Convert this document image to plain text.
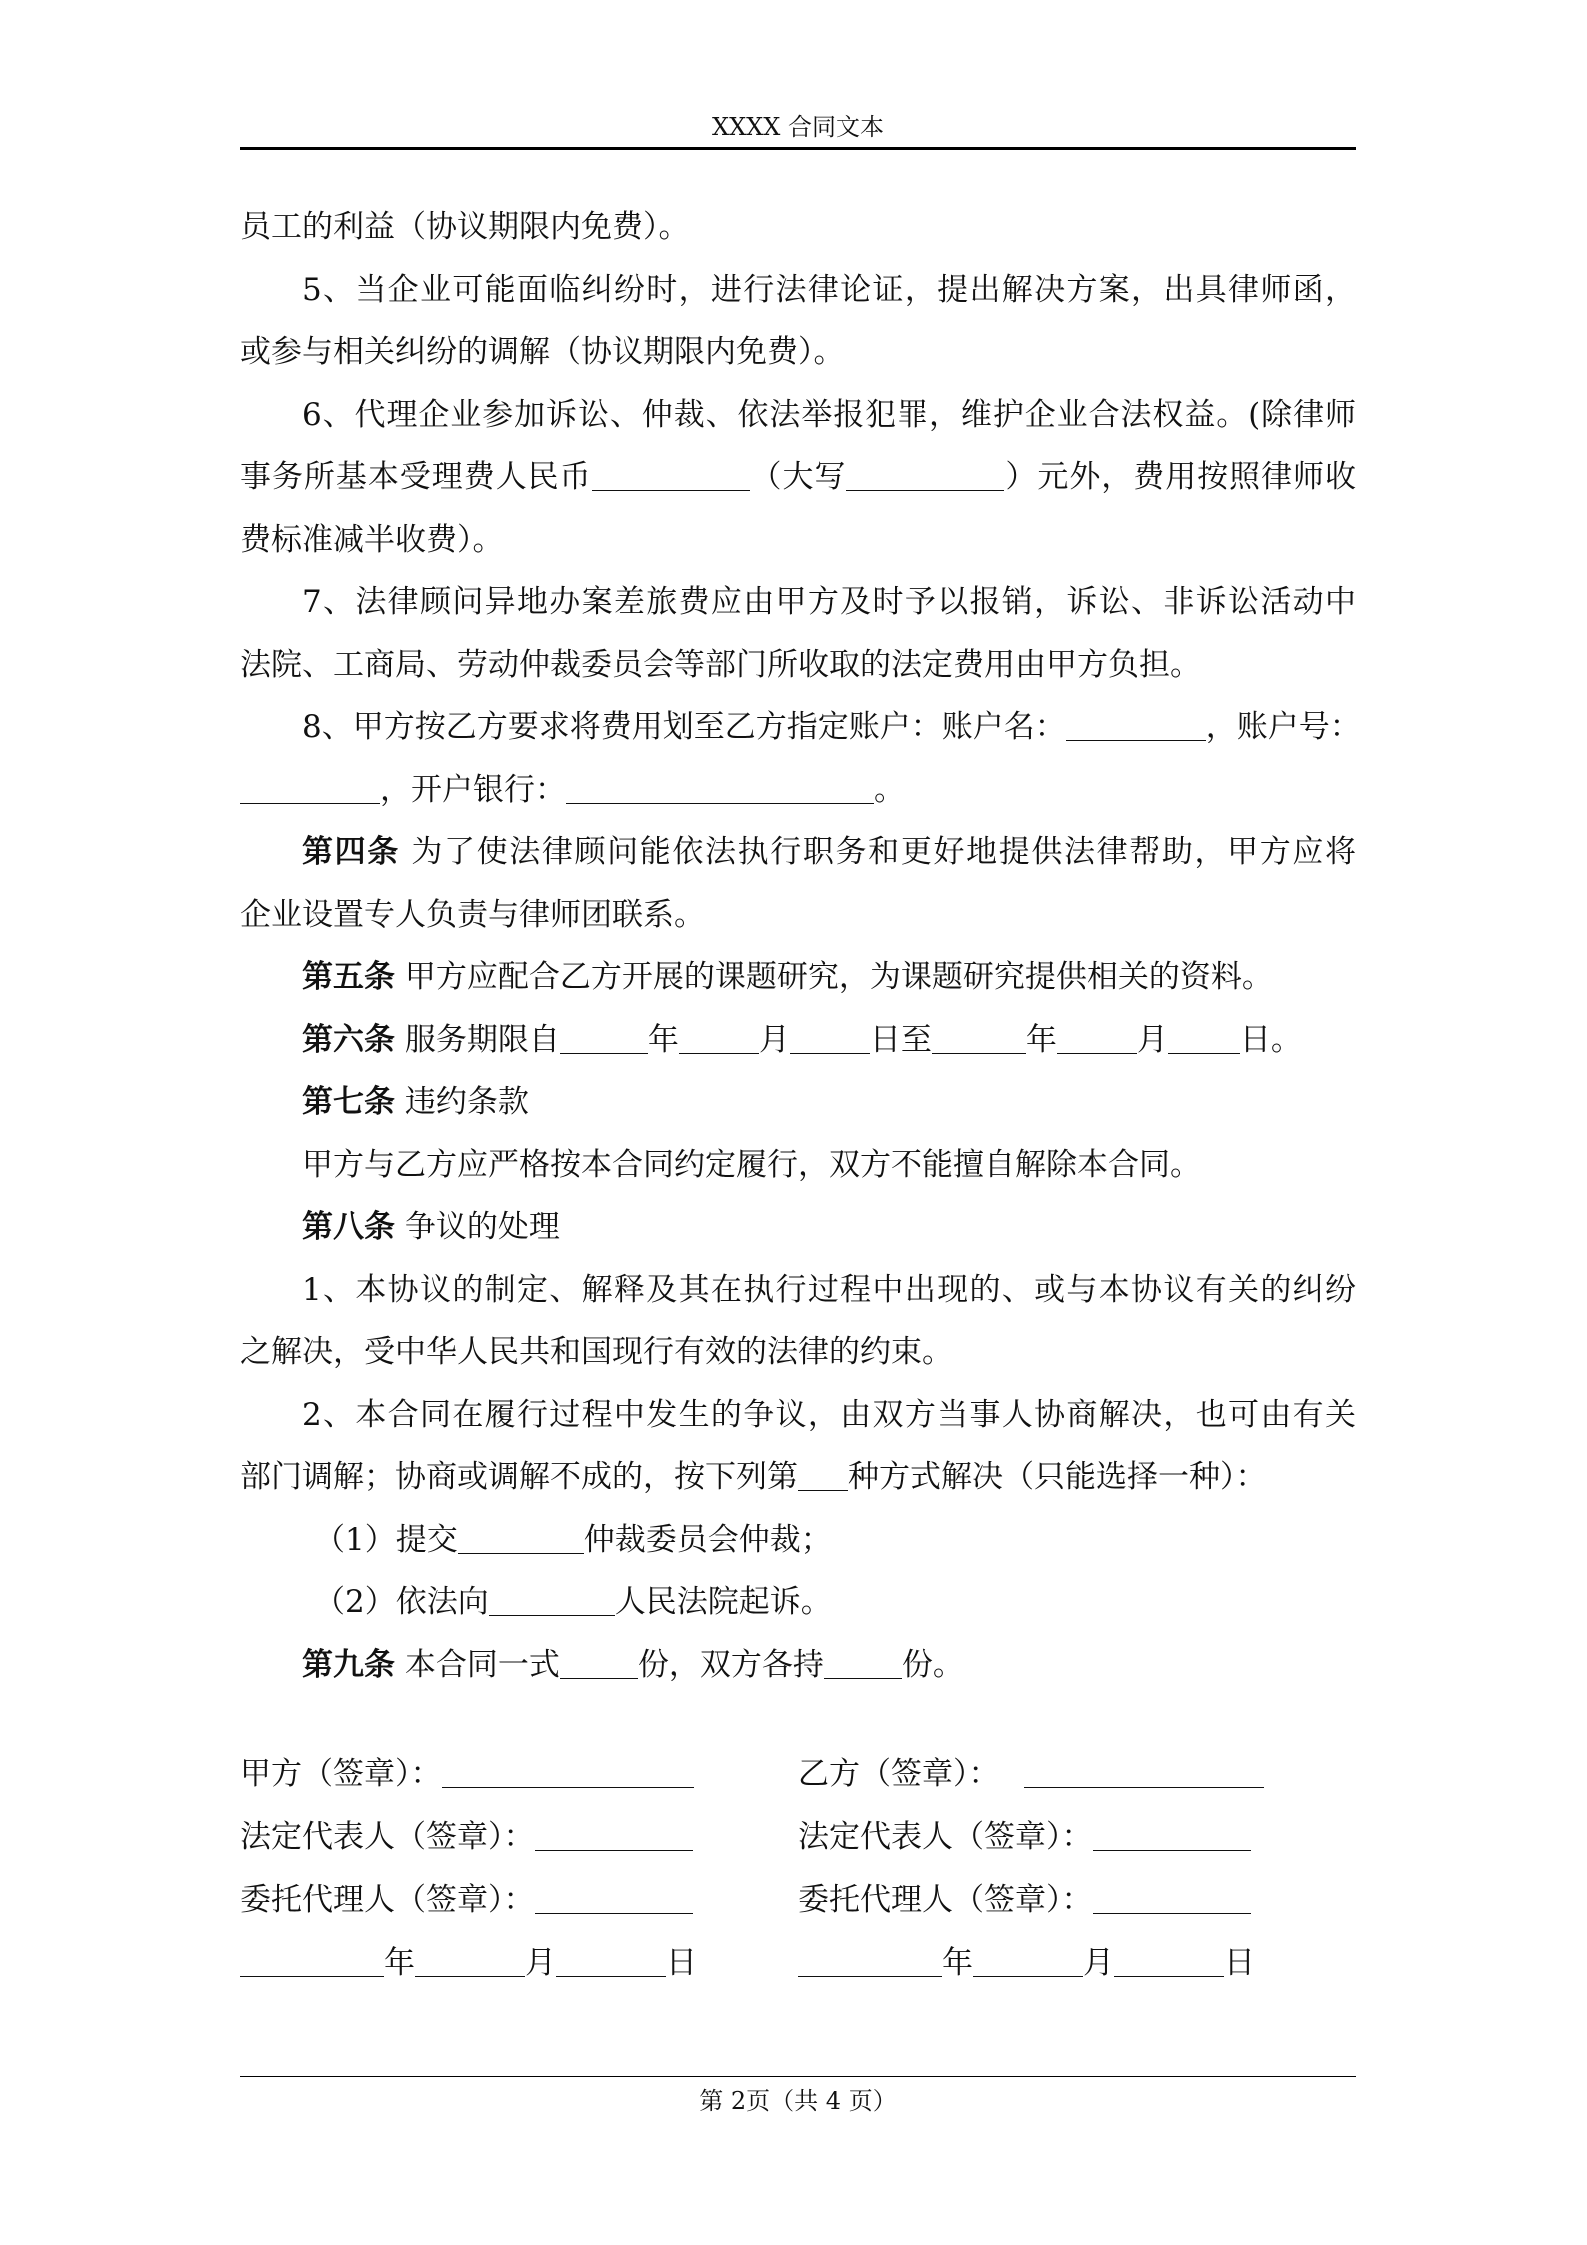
XXXX 合同文本
员工的利益（协议期限内免费）。
5、当企业可能面临纠纷时，进行法律论证，提出解决方案，出具律师函，
或参与相关纠纷的调解（协议期限内免费）。
6、代理企业参加诉讼、仲裁、依法举报犯罪，维护企业合法权益。(除律师
事务所基本受理费人民币	（大写	）元外，费用按照律师收
费标准减半收费）。
7、法律顾问异地办案差旅费应由甲方及时予以报销，诉讼、非诉讼活动中
法院、工商局、劳动仲裁委员会等部门所收取的法定费用由甲方负担。
8、甲方按乙方要求将费用划至乙方指定账户：账户名：	，账户号：
，开户银行：	。
第四条 为了使法律顾问能依法执行职务和更好地提供法律帮助，甲方应将
企业设置专人负责与律师团联系。
第五条 甲方应配合乙方开展的课题研究，为课题研究提供相关的资料。
第六条 服务期限自	年	月	日至	年	月 日。
第七条 违约条款
甲方与乙方应严格按本合同约定履行，双方不能擅自解除本合同。
第八条 争议的处理
1、本协议的制定、解释及其在执行过程中出现的、或与本协议有关的纠纷
之解决，受中华人民共和国现行有效的法律的约束。
2、本合同在履行过程中发生的争议，由双方当事人协商解决，也可由有关
部门调解；协商或调解不成的，按下列第 种方式解决（只能选择一种）：
（1）提交	仲裁委员会仲裁；
（2）依法向	人民法院起诉。
第九条 本合同一式	份，双方各持	份。
甲方（签章）：	乙方（签章）：
法定代表人（签章）：	法定代表人（签章）：
委托代理人（签章）：	委托代理人（签章）：
年	月	日	年	月	日
第 2页（共 4 页）
